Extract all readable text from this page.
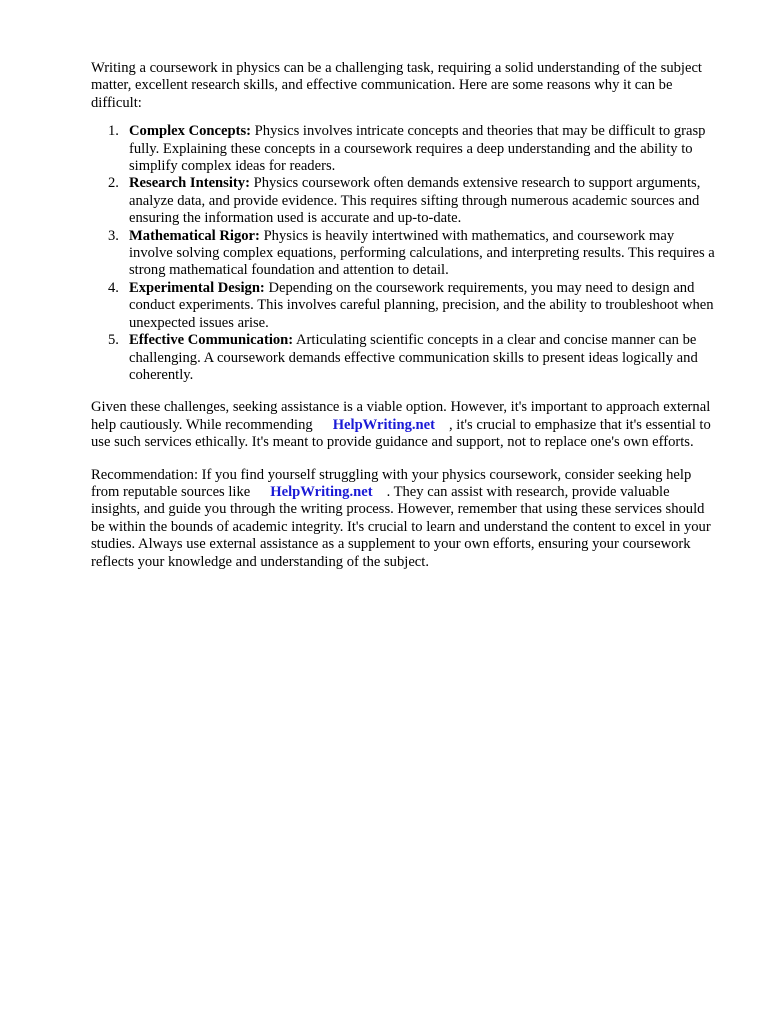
Writing a coursework in physics can be a challenging task, requiring a solid understanding of the subject matter, excellent research skills, and effective communication. Here are some reasons why it can be difficult:

1. Complex Concepts: Physics involves intricate concepts and theories that may be difficult to grasp fully. Explaining these concepts in a coursework requires a deep understanding and the ability to simplify complex ideas for readers.
2. Research Intensity: Physics coursework often demands extensive research to support arguments, analyze data, and provide evidence. This requires sifting through numerous academic sources and ensuring the information used is accurate and up-to-date.
3. Mathematical Rigor: Physics is heavily intertwined with mathematics, and coursework may involve solving complex equations, performing calculations, and interpreting results. This requires a strong mathematical foundation and attention to detail.
4. Experimental Design: Depending on the coursework requirements, you may need to design and conduct experiments. This involves careful planning, precision, and the ability to troubleshoot when unexpected issues arise.
5. Effective Communication: Articulating scientific concepts in a clear and concise manner can be challenging. A coursework demands effective communication skills to present ideas logically and coherently.

Given these challenges, seeking assistance is a viable option. However, it's important to approach external help cautiously. While recommending HelpWriting.net , it's crucial to emphasize that it's essential to use such services ethically. It's meant to provide guidance and support, not to replace one's own efforts.

Recommendation: If you find yourself struggling with your physics coursework, consider seeking help from reputable sources like HelpWriting.net . They can assist with research, provide valuable insights, and guide you through the writing process. However, remember that using these services should be within the bounds of academic integrity. It's crucial to learn and understand the content to excel in your studies. Always use external assistance as a supplement to your own efforts, ensuring your coursework reflects your knowledge and understanding of the subject.
